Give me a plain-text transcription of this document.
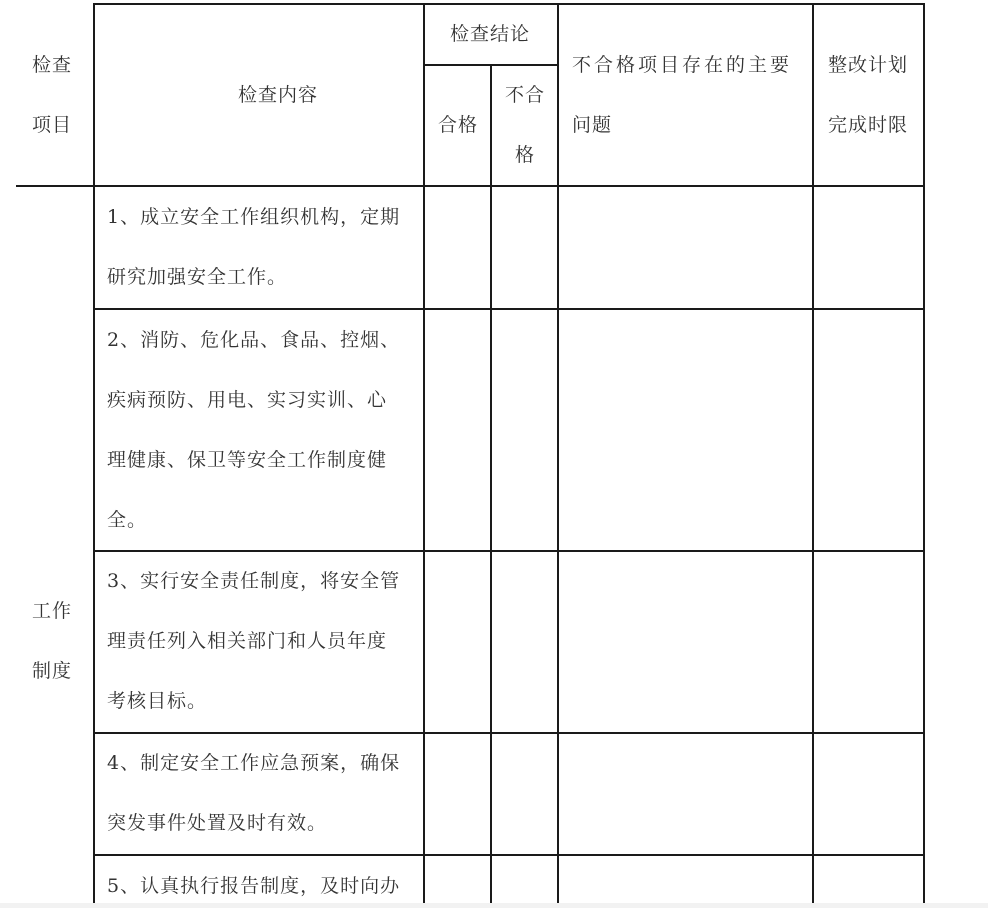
检查
项目
检查内容
检查结论
合格
不合
格
不合格项目存在的主要
问题
整改计划
完成时限
工作
制度
1、成立安全工作组织机构，定期
研究加强安全工作。
2、消防、危化品、食品、控烟、
疾病预防、用电、实习实训、心
理健康、保卫等安全工作制度健
全。
3、实行安全责任制度，将安全管
理责任列入相关部门和人员年度
考核目标。
4、制定安全工作应急预案，确保
突发事件处置及时有效。
5、认真执行报告制度，及时向办
